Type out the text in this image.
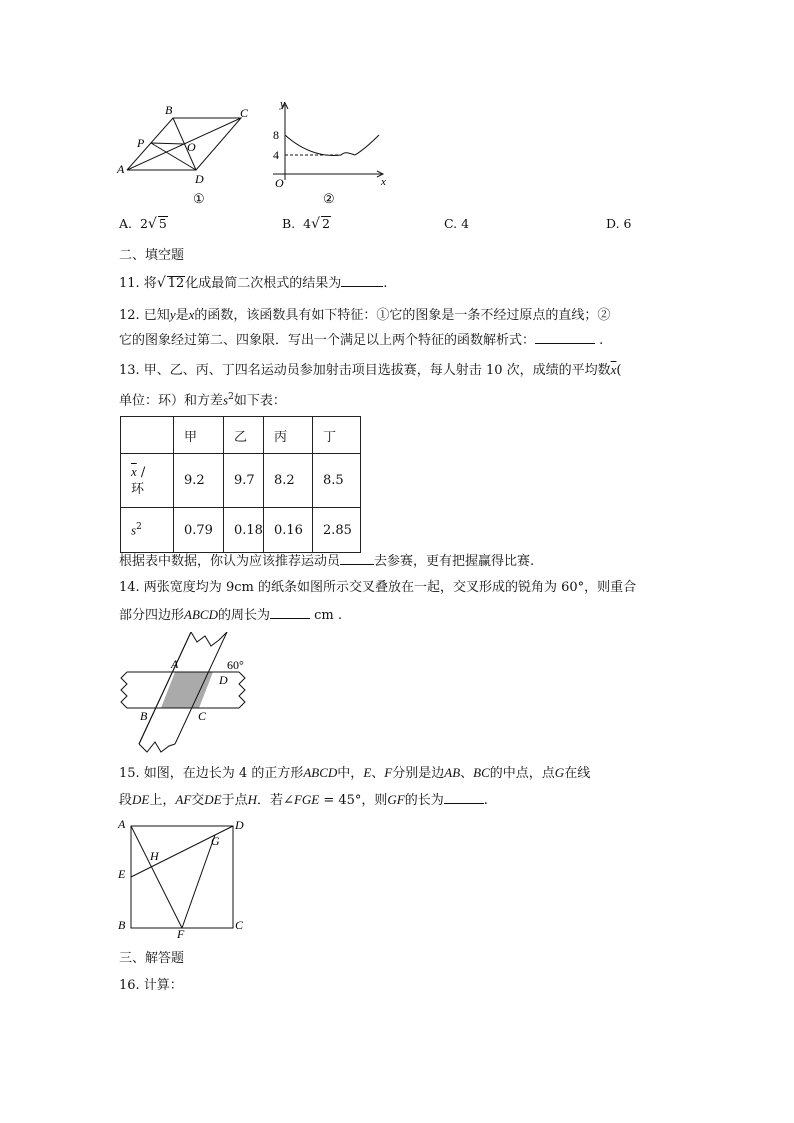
A
B	C
D
P	O
①
y
x
O
8
4
②
A. 2√ 5	B. 4√ 2	C. 4	D. 6
二、填空题
11. 将√ 12化成最简二次根式的结果为	.
12. 已知y是x的函数，该函数具有如下特征：①它的图象是一条不经过原点的直线；②
它的图象经过第二、四象限．写出一个满足以上两个特征的函数解析式：	.
13. 甲、乙、丙、丁四名运动员参加射击项目选拔赛，每人射击 10 次，成绩的平均数$\overline{x}$(
单位：环）和方差$s^2$如下表：
	甲	乙	丙	丁
$\overline{x}$ /
环	9.2	9.7	8.2	8.5
$s^2$	0.79	0.18	0.16	2.85
根据表中数据，你认为应该推荐运动员	去参赛，更有把握赢得比赛.
14. 两张宽度均为 9cm 的纸条如图所示交叉叠放在一起，交叉形成的锐角为 60°，则重合
部分四边形ABCD的周长为	cm .
A
D
B	C
60°
15. 如图，在边长为 4 的正方形ABCD中，E、F分别是边AB、BC的中点，点G在线
段DE上，AF交DE于点H．若∠FGE = 45°，则GF的长为	.
A	D
E
B	C
F
H
G
三、解答题
16. 计算：
